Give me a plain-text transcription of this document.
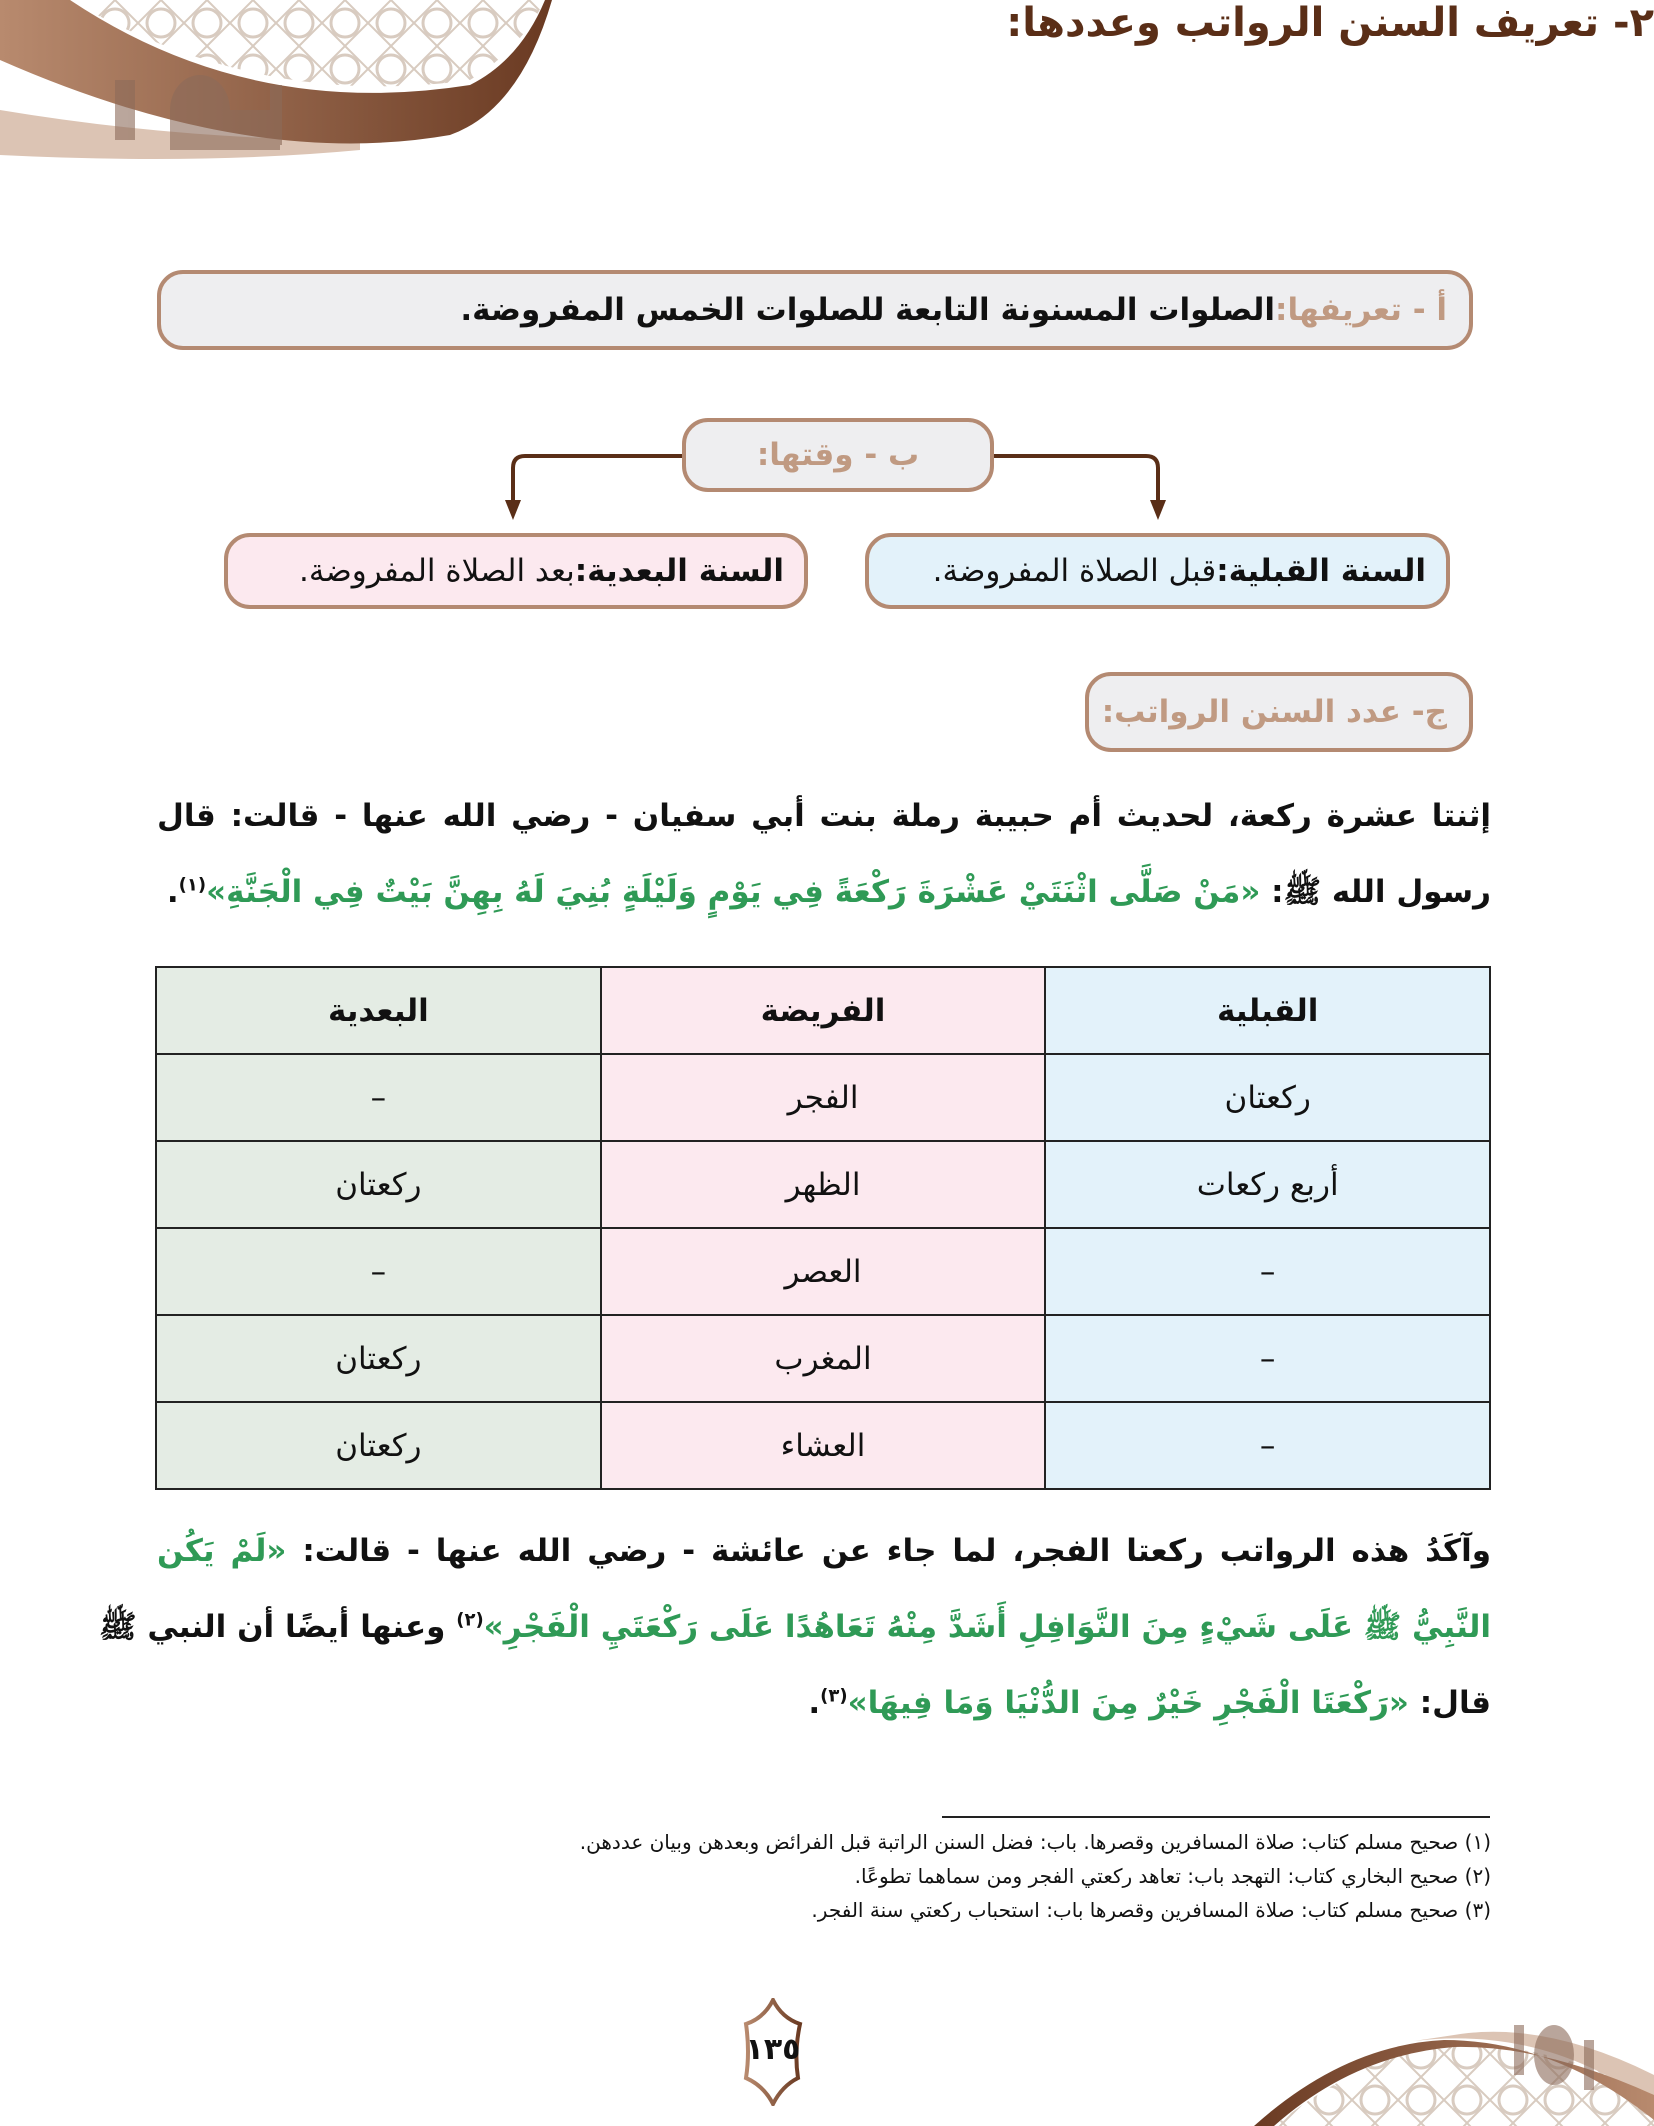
٢- تعريف السنن الرواتب وعددها:
أ - تعريفها:
الصلوات المسنونة التابعة للصلوات الخمس المفروضة.
ب - وقتها:
السنة القبلية:
قبل الصلاة المفروضة.
السنة البعدية:
بعد الصلاة المفروضة.
ج- عدد السنن الرواتب:
إثنتا عشرة ركعة، لحديث أم حبيبة رملة بنت أبي سفيان - رضي الله عنها - قالت: قال
رسول الله ﷺ: «مَنْ صَلَّى اثْنَتَيْ عَشْرَةَ رَكْعَةً فِي يَوْمٍ وَلَيْلَةٍ بُنِيَ لَهُ بِهِنَّ بَيْتٌ فِي الْجَنَّةِ»$^{(١)}$.
القبلية	الفريضة	البعدية
ركعتان	الفجر	–
أربع ركعات	الظهر	ركعتان
–	العصر	–
–	المغرب	ركعتان
–	العشاء	ركعتان
وآكَدُ هذه الرواتب ركعتا الفجر، لما جاء عن عائشة - رضي الله عنها - قالت: «لَمْ يَكُن
النَّبِيُّ ﷺ عَلَى شَيْءٍ مِنَ النَّوَافِلِ أَشَدَّ مِنْهُ تَعَاهُدًا عَلَى رَكْعَتَيِ الْفَجْرِ»$^{(٢)}$ وعنها أيضًا أن النبي ﷺ
قال: «رَكْعَتَا الْفَجْرِ خَيْرٌ مِنَ الدُّنْيَا وَمَا فِيهَا»$^{(٣)}$.
(١) صحيح مسلم كتاب: صلاة المسافرين وقصرها. باب: فضل السنن الراتبة قبل الفرائض وبعدهن وبيان عددهن.
(٢) صحيح البخاري كتاب: التهجد باب: تعاهد ركعتي الفجر ومن سماهما تطوعًا.
(٣) صحيح مسلم كتاب: صلاة المسافرين وقصرها باب: استحباب ركعتي سنة الفجر.
١٣٥
